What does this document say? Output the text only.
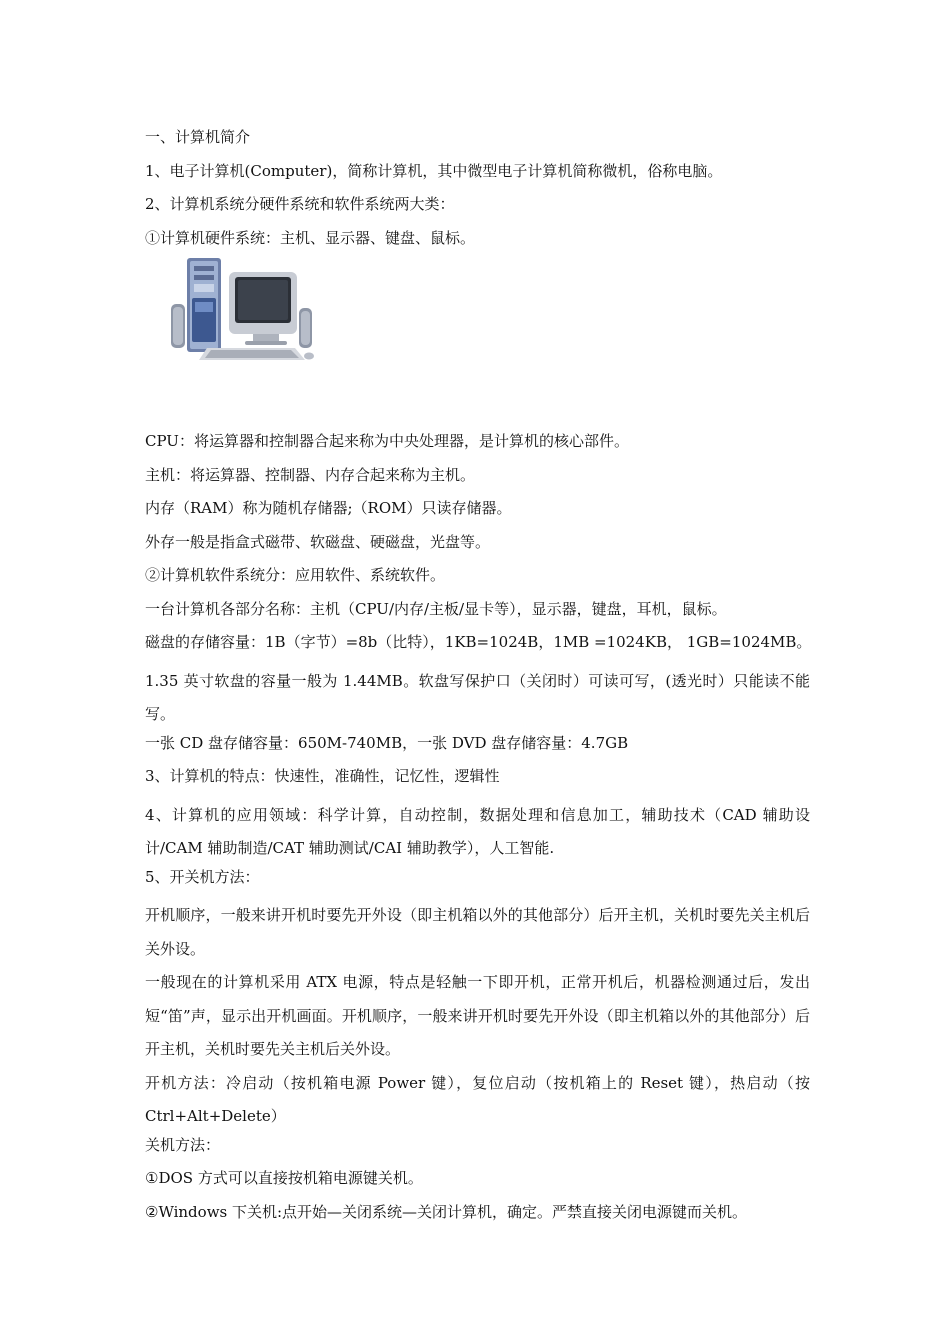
一、计算机简介
1、电子计算机(Computer)，简称计算机，其中微型电子计算机简称微机，俗称电脑。
2、计算机系统分硬件系统和软件系统两大类：
①计算机硬件系统：主机、显示器、键盘、鼠标。
CPU：将运算器和控制器合起来称为中央处理器，是计算机的核心部件。
主机：将运算器、控制器、内存合起来称为主机。
内存（RAM）称为随机存储器;（ROM）只读存储器。
外存一般是指盒式磁带、软磁盘、硬磁盘，光盘等。
②计算机软件系统分：应用软件、系统软件。
一台计算机各部分名称：主机（CPU/内存/主板/显卡等），显示器，键盘，耳机，鼠标。
磁盘的存储容量：1B（字节）=8b（比特），1KB=1024B，1MB =1024KB， 1GB=1024MB。
1.35 英寸软盘的容量一般为 1.44MB。软盘写保护口（关闭时）可读可写，(透光时）只能读不能写。
一张 CD 盘存储容量：650M-740MB，一张 DVD 盘存储容量：4.7GB
3、计算机的特点：快速性，准确性，记忆性，逻辑性
4、计算机的应用领域：科学计算，自动控制，数据处理和信息加工，辅助技术（CAD 辅助设计/CAM 辅助制造/CAT 辅助测试/CAI 辅助教学），人工智能.
5、开关机方法：
开机顺序，一般来讲开机时要先开外设（即主机箱以外的其他部分）后开主机，关机时要先关主机后关外设。
一般现在的计算机采用 ATX 电源，特点是轻触一下即开机，正常开机后，机器检测通过后，发出短“笛”声，显示出开机画面。开机顺序，一般来讲开机时要先开外设（即主机箱以外的其他部分）后开主机，关机时要先关主机后关外设。
开机方法：冷启动（按机箱电源 Power 键），复位启动（按机箱上的 Reset 键），热启动（按 Ctrl+Alt+Delete）
关机方法：
①DOS 方式可以直接按机箱电源键关机。
②Windows 下关机:点开始—关闭系统—关闭计算机，确定。严禁直接关闭电源键而关机。
